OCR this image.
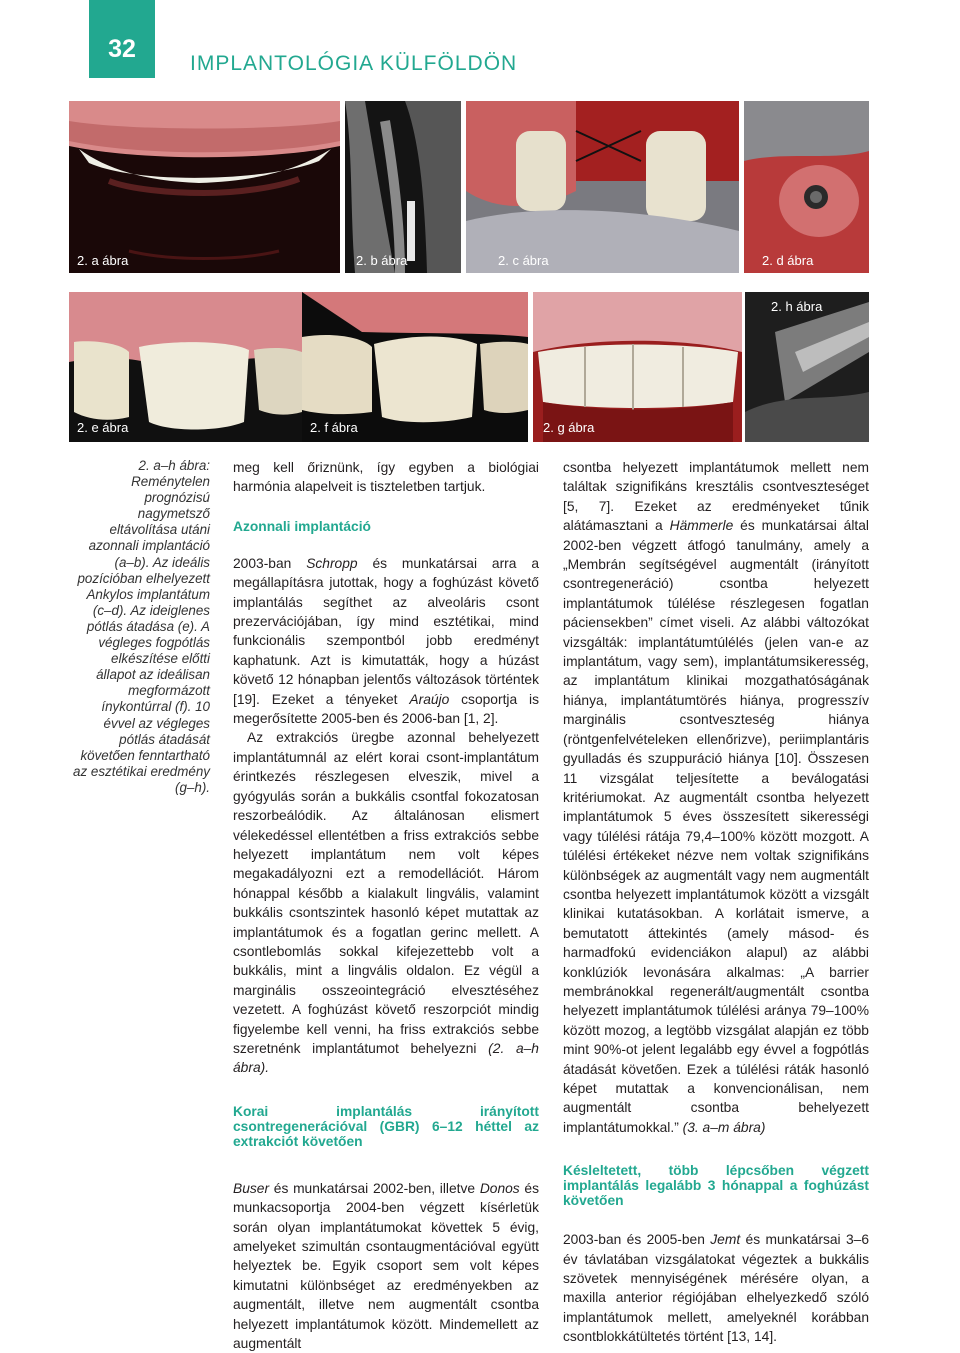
32
IMPLANTOLÓGIA KÜLFÖLDÖN
2. a ábra	2. b ábra	2. c ábra	2. d ábra
2. e ábra	2. f ábra	2. g ábra
2. h ábra
2. a–h ábra: Reménytelen prognózisú nagymetsző eltávolítása utáni azonnali implantáció (a–b). Az ideális pozícióban elhelyezett Ankylos implantátum (c–d). Az ideiglenes pótlás átadása (e). A végleges fogpótlás elkészítése előtti állapot az ideálisan megformázott ínykontúrral (f). 10 évvel az végleges pótlás átadását követően fenntartható az esztétikai eredmény (g–h).

meg kell őriznünk, így egyben a biológiai harmónia alapelveit is tiszteletben tartjuk.

Azonnali implantáció

2003-ban Schropp és munkatársai arra a megállapításra jutottak, hogy a foghúzást követő implantálás segíthet az alveoláris csont prezervációjában, így mind esztétikai, mind funkcionális szempontból jobb eredményt kaphatunk. Azt is kimutatták, hogy a húzást követő 12 hónapban jelentős változások történtek [19]. Ezeket a tényeket Araújo csoportja is megerősítette 2005-ben és 2006-ban [1, 2].

Az extrakciós üregbe azonnal behelyezett implantátumnál az elért korai csont-implantátum érintkezés részlegesen elveszik, mivel a gyógyulás során a bukkális csontfal fokozatosan reszorbeálódik. Az általánosan elismert vélekedéssel ellentétben a friss extrakciós sebbe helyezett implantátum nem volt képes megakadályozni ezt a remodellációt. Három hónappal később a kialakult lingvális, valamint bukkális csontszintek hasonló képet mutattak az implantátumok és a fogatlan gerinc mellett. A csontlebomlás sokkal kifejezettebb volt a bukkális, mint a lingvális oldalon. Ez végül a marginális osszeointegráció elvesztéséhez vezetett. A foghúzást követő reszorpciót mindig figyelembe kell venni, ha friss extrakciós sebbe szeretnénk implantátumot behelyezni (2. a–h ábra).

Korai implantálás irányított csontregenerációval (GBR) 6–12 héttel az extrakciót követően

Buser és munkatársai 2002-ben, illetve Donos és munkacsoportja 2004-ben végzett kísérletük során olyan implantátumokat követtek 5 évig, amelyeket szimultán csontaugmentációval együtt helyeztek be. Egyik csoport sem volt képes kimutatni különbséget az eredményekben az augmentált, illetve nem augmentált csontba helyezett implantátumok között. Mindemellett az augmentált

csontba helyezett implantátumok mellett nem találtak szignifikáns kresztális csontveszteséget [5, 7]. Ezeket az eredményeket tűnik alátámasztani a Hämmerle és munkatársai által 2002-ben végzett átfogó tanulmány, amely a „Membrán segítségével augmentált (irányított csontregeneráció) csontba helyezett implantátumok túlélése részlegesen fogatlan páciensekben” címet viseli. Az alábbi változókat vizsgálták: implantátumtúlélés (jelen van-e az implantátum, vagy sem), implantátumsikeresség, az implantátum klinikai mozgathatóságának hiánya, implantátumtörés hiánya, progresszív marginális csontveszteség hiánya (röntgenfelvételeken ellenőrizve), periimplantáris gyulladás és szuppuráció hiánya [10]. Összesen 11 vizsgálat teljesítette a beválogatási kritériumokat. Az augmentált csontba helyezett implantátumok 5 éves összesített sikerességi vagy túlélési rátája 79,4–100% között mozgott. A túlélési értékeket nézve nem voltak szignifikáns különbségek az augmentált vagy nem augmentált csontba helyezett implantátumok között a vizsgált klinikai kutatásokban. A korlátait ismerve, a bemutatott áttekintés (amely másod- és harmadfokú evidenciákon alapul) az alábbi konklúziók levonására alkalmas: „A barrier membránokkal regenerált/augmentált csontba helyezett implantátumok túlélési aránya 79–100% között mozog, a legtöbb vizsgálat alapján ez több mint 90%-ot jelent legalább egy évvel a fogpótlás átadását követően. Ezek a túlélési ráták hasonló képet mutattak a konvencionálisan, nem augmentált csontba behelyezett implantátumokkal.” (3. a–m ábra)

Késleltetett, több lépcsőben végzett implantálás legalább 3 hónappal a foghúzást követően

2003-ban és 2005-ben Jemt és munkatársai 3–6 év távlatában vizsgálatokat végeztek a bukkális szövetek mennyiségének mérésére olyan, a maxilla anterior régiójában elhelyezkedő szóló implantátumok mellett, amelyeknél korábban csontblokkátültetés történt [13, 14].
